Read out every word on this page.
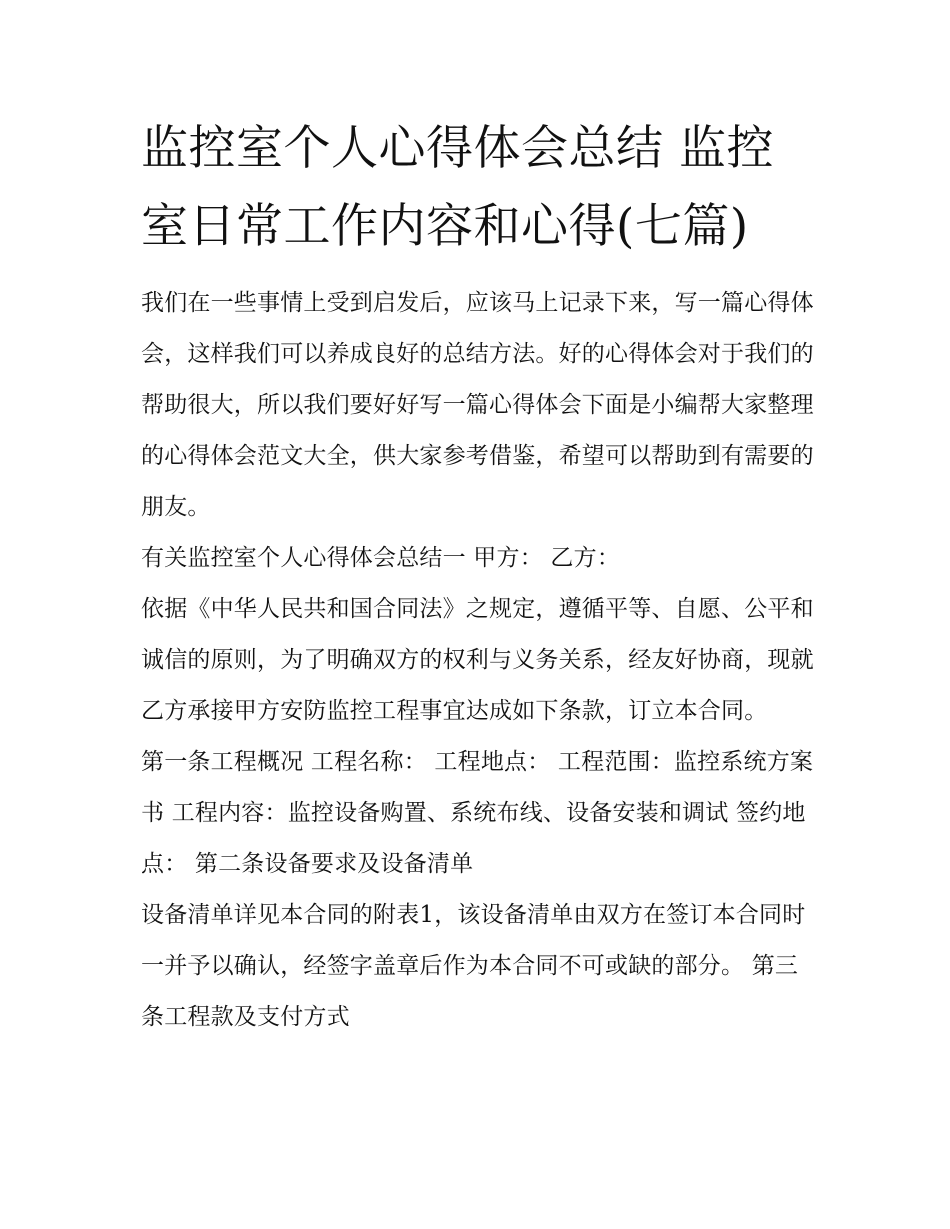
监控室个人心得体会总结 监控室日常工作内容和心得(七篇)

我们在一些事情上受到启发后，应该马上记录下来，写一篇心得体会，这样我们可以养成良好的总结方法。好的心得体会对于我们的帮助很大，所以我们要好好写一篇心得体会下面是小编帮大家整理的心得体会范文大全，供大家参考借鉴，希望可以帮助到有需要的朋友。

有关监控室个人心得体会总结一 甲方： 乙方：

依据《中华人民共和国合同法》之规定，遵循平等、自愿、公平和诚信的原则，为了明确双方的权利与义务关系，经友好协商，现就乙方承接甲方安防监控工程事宜达成如下条款，订立本合同。

第一条工程概况 工程名称： 工程地点： 工程范围：监控系统方案书 工程内容：监控设备购置、系统布线、设备安装和调试 签约地点： 第二条设备要求及设备清单

设备清单详见本合同的附表1，该设备清单由双方在签订本合同时一并予以确认，经签字盖章后作为本合同不可或缺的部分。 第三条工程款及支付方式
